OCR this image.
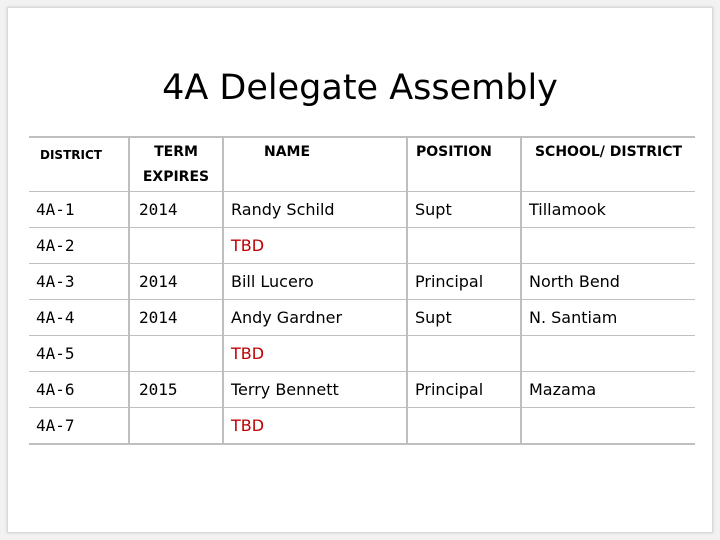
4A Delegate Assembly
DISTRICT	TERM EXPIRES	NAME	POSITION	SCHOOL/ DISTRICT
4A-1	2014	Randy Schild	Supt	Tillamook
4A-2		TBD		
4A-3	2014	Bill Lucero	Principal	North Bend
4A-4	2014	Andy Gardner	Supt	N. Santiam
4A-5		TBD		
4A-6	2015	Terry Bennett	Principal	Mazama
4A-7		TBD		
